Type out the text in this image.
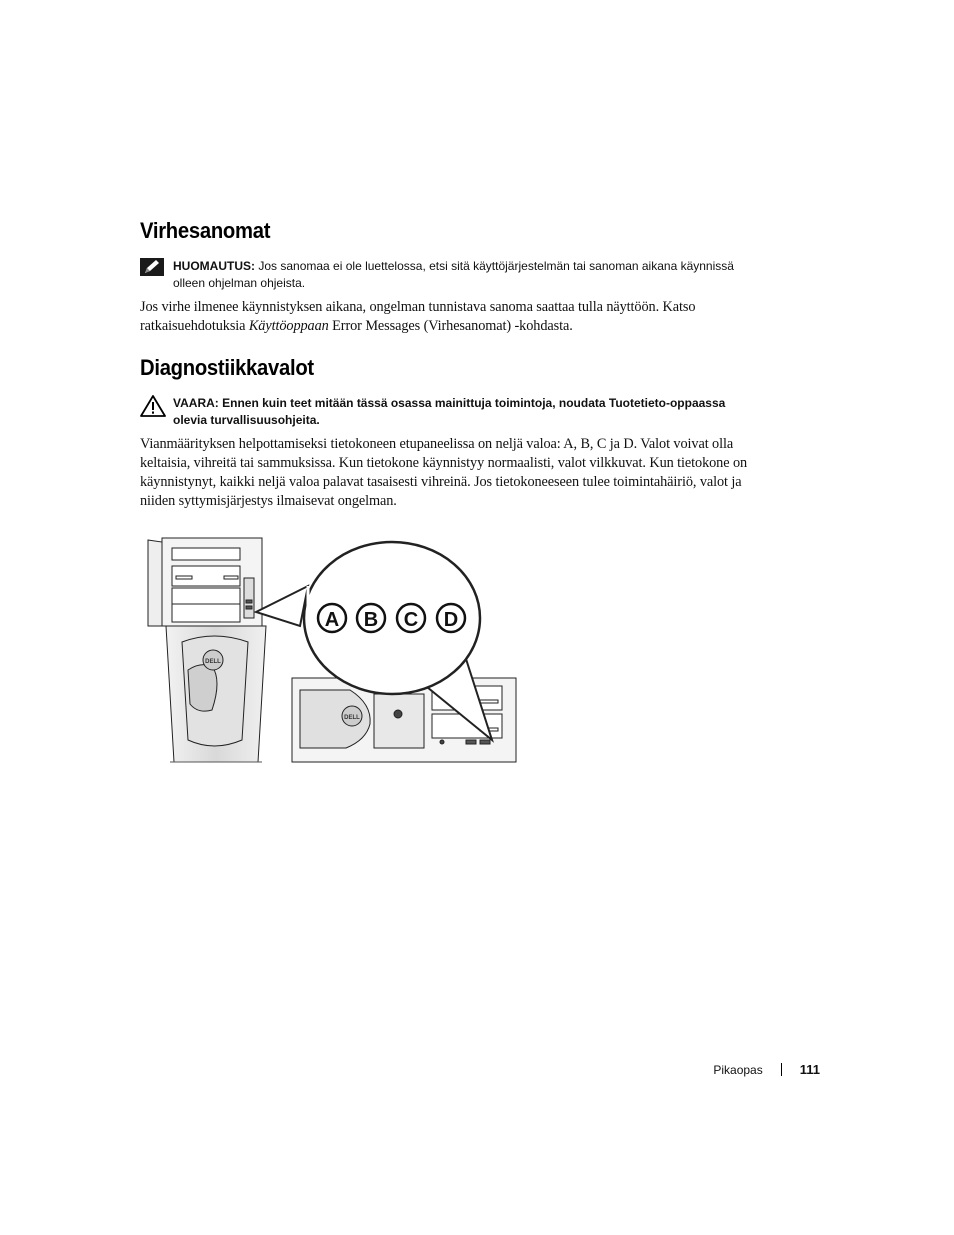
Virhesanomat
HUOMAUTUS: Jos sanomaa ei ole luettelossa, etsi sitä käyttöjärjestelmän tai sanoman aikana käynnissä olleen ohjelman ohjeista.

Jos virhe ilmenee käynnistyksen aikana, ongelman tunnistava sanoma saattaa tulla näyttöön. Katso ratkaisuehdotuksia Käyttöoppaan Error Messages (Virhesanomat) -kohdasta.

Diagnostiikkavalot
VAARA: Ennen kuin teet mitään tässä osassa mainittuja toimintoja, noudata Tuotetieto-oppaassa olevia turvallisuusohjeita.

Vianmäärityksen helpottamiseksi tietokoneen etupaneelissa on neljä valoa: A, B, C ja D. Valot voivat olla keltaisia, vihreitä tai sammuksissa. Kun tietokone käynnistyy normaalisti, valot vilkkuvat. Kun tietokone on käynnistynyt, kaikki neljä valoa palavat tasaisesti vihreinä. Jos tietokoneeseen tulee toimintahäiriö, valot ja niiden syttymisjärjestys ilmaisevat ongelman.

DELL
DELL
A B C D
Pikaopas	111
